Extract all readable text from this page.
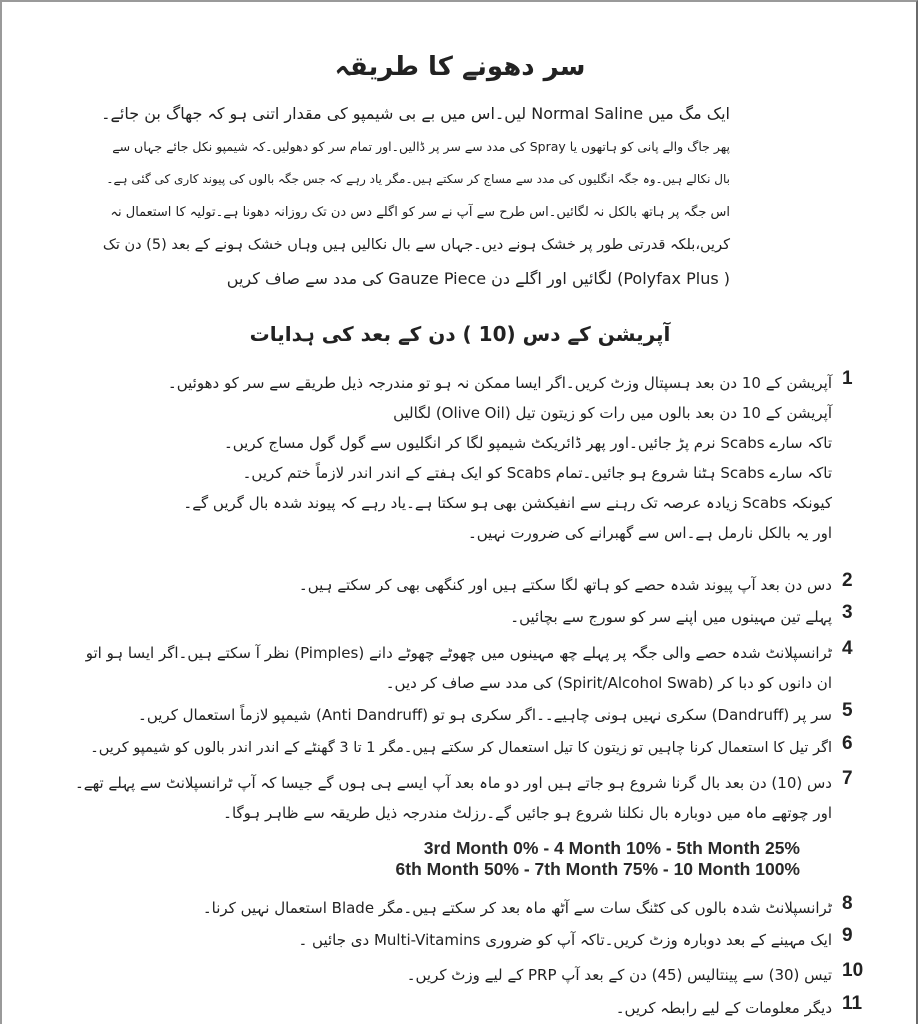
سر دھونے کا طریقہ
ایک مگ میں Normal Saline لیں۔اس میں بے بی شیمپو کی مقدار اتنی ہو کہ جھاگ بن جائے۔
پھر جاگ والے پانی کو ہاتھوں یا Spray کی مدد سے سر پر ڈالیں۔اور تمام سر کو دھولیں۔کہ شیمپو نکل جائے جہاں سے
بال نکالے ہیں۔وہ جگہ انگلیوں کی مدد سے مساج کر سکتے ہیں۔مگر یاد رہے کہ جس جگہ بالوں کی پیوند کاری کی گئی ہے۔
اس جگہ پر ہاتھ بالکل نہ لگائیں۔اس طرح سے آپ نے سر کو اگلے دس دن تک روزانہ دھونا ہے۔تولیہ کا استعمال نہ
کریں،بلکہ قدرتی طور پر خشک ہونے دیں۔جہاں سے بال نکالیں ہیں وہاں خشک ہونے کے بعد (5) دن تک
( Polyfax Plus) لگائیں اور اگلے دن Gauze Piece کی مدد سے صاف کریں
آپریشن کے دس (10 ) دن کے بعد کی ہدایات
1
آپریشن کے 10 دن بعد ہسپتال وزٹ کریں۔اگر ایسا ممکن نہ ہو تو مندرجہ ذیل طریقے سے سر کو دھوئیں۔
آپریشن کے 10 دن بعد بالوں میں رات کو زیتون تیل (Olive Oil) لگالیں
تاکہ سارے Scabs نرم پڑ جائیں۔اور پھر ڈائریکٹ شیمپو لگا کر انگلیوں سے گول گول مساج کریں۔
تاکہ سارے Scabs ہٹنا شروع ہو جائیں۔تمام Scabs کو ایک ہفتے کے اندر اندر لازماً ختم کریں۔
کیونکہ Scabs زیادہ عرصہ تک رہنے سے انفیکشن بھی ہو سکتا ہے۔یاد رہے کہ پیوند شدہ بال گریں گے۔
اور یہ بالکل نارمل ہے۔اس سے گھبرانے کی ضرورت نہیں۔
2
دس دن بعد آپ پیوند شدہ حصے کو ہاتھ لگا سکتے ہیں اور کنگھی بھی کر سکتے ہیں۔
3
پہلے تین مہینوں میں اپنے سر کو سورج سے بچائیں۔
4
ٹرانسپلانٹ شدہ حصے والی جگہ پر پہلے چھ مہینوں میں چھوٹے چھوٹے دانے (Pimples) نظر آ سکتے ہیں۔اگر ایسا ہو اتو
ان دانوں کو دبا کر (Spirit/Alcohol Swab) کی مدد سے صاف کر دیں۔
5
سر پر (Dandruff) سکری نہیں ہونی چاہیے۔۔اگر سکری ہو تو (Anti Dandruff) شیمپو لازماً استعمال کریں۔
6
اگر تیل کا استعمال کرنا چاہیں تو زیتون کا تیل استعمال کر سکتے ہیں۔مگر 1 تا 3 گھنٹے کے اندر اندر بالوں کو شیمپو کریں۔
7
دس (10) دن بعد بال گرنا شروع ہو جاتے ہیں اور دو ماہ بعد آپ ایسے ہی ہوں گے جیسا کہ آپ ٹرانسپلانٹ سے پہلے تھے۔
اور چوتھے ماہ میں دوبارہ بال نکلنا شروع ہو جائیں گے۔رزلٹ مندرجہ ذیل طریقہ سے ظاہر ہوگا۔
8
ٹرانسپلانٹ شدہ بالوں کی کٹنگ سات سے آٹھ ماہ بعد کر سکتے ہیں۔مگر Blade استعمال نہیں کرنا۔
9
ایک مہینے کے بعد دوبارہ وزٹ کریں۔تاکہ آپ کو ضروری Multi-Vitamins دی جائیں ۔
10
تیس (30) سے پینتالیس (45) دن کے بعد آپ PRP کے لیے وزٹ کریں۔
11
دیگر معلومات کے لیے رابطہ کریں۔
3rd Month 0% - 4 Month 10% - 5th Month 25%
6th Month 50% - 7th Month 75% - 10 Month 100%
